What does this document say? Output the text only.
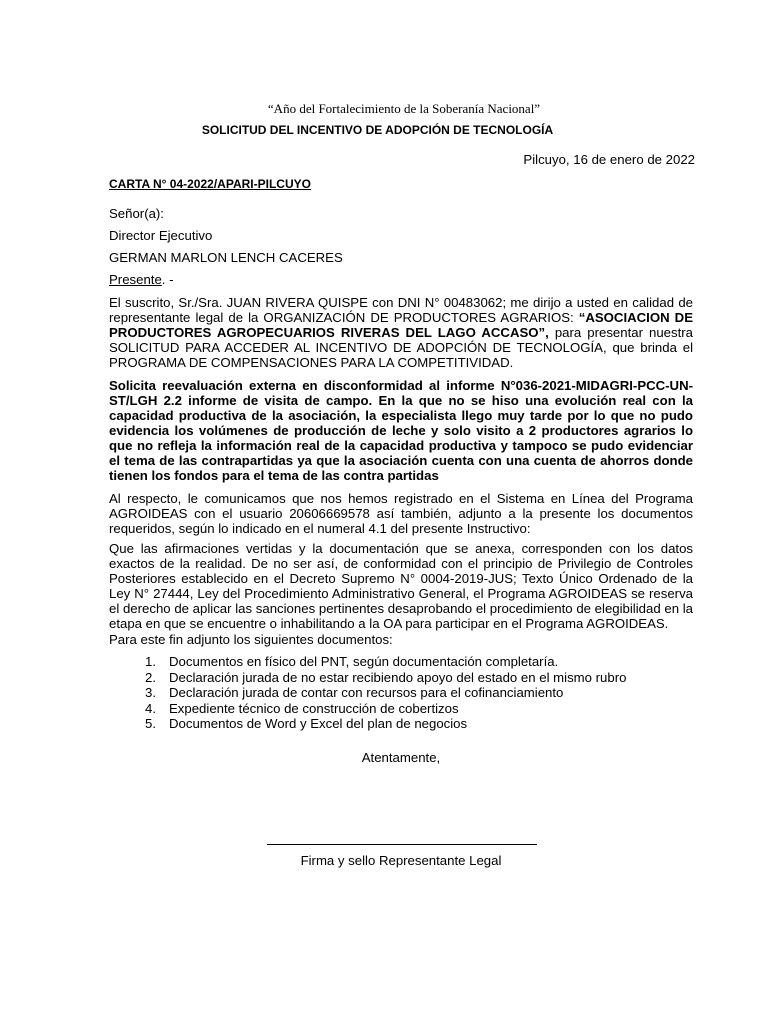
“Año del Fortalecimiento de la Soberanía Nacional”
SOLICITUD DEL INCENTIVO DE ADOPCIÓN DE TECNOLOGÍA
Pilcuyo, 16 de enero de 2022
CARTA N° 04-2022/APARI-PILCUYO
Señor(a):
Director Ejecutivo
GERMAN MARLON LENCH CACERES
Presente. -
El suscrito, Sr./Sra. JUAN RIVERA QUISPE con DNI N° 00483062; me dirijo a usted en calidad de representante legal de la ORGANIZACIÓN DE PRODUCTORES AGRARIOS: “ASOCIACION DE PRODUCTORES AGROPECUARIOS RIVERAS DEL LAGO ACCASO”, para presentar nuestra SOLICITUD PARA ACCEDER AL INCENTIVO DE ADOPCIÓN DE TECNOLOGÍA, que brinda el PROGRAMA DE COMPENSACIONES PARA LA COMPETITIVIDAD.
Solicita reevaluación externa en disconformidad al informe N°036-2021-MIDAGRI-PCC-UN-ST/LGH 2.2 informe de visita de campo. En la que no se hiso una evolución real con la capacidad productiva de la asociación, la especialista llego muy tarde por lo que no pudo evidencia los volúmenes de producción de leche y solo visito a 2 productores agrarios lo que no refleja la información real de la capacidad productiva y tampoco se pudo evidenciar el tema de las contrapartidas ya que la asociación cuenta con una cuenta de ahorros donde tienen los fondos para el tema de las contra partidas
Al respecto, le comunicamos que nos hemos registrado en el Sistema en Línea del Programa AGROIDEAS con el usuario 20606669578 así también, adjunto a la presente los documentos requeridos, según lo indicado en el numeral 4.1 del presente Instructivo:
Que las afirmaciones vertidas y la documentación que se anexa, corresponden con los datos exactos de la realidad. De no ser así, de conformidad con el principio de Privilegio de Controles Posteriores establecido en el Decreto Supremo N° 0004-2019-JUS; Texto Único Ordenado de la Ley N° 27444, Ley del Procedimiento Administrativo General, el Programa AGROIDEAS se reserva el derecho de aplicar las sanciones pertinentes desaprobando el procedimiento de elegibilidad en la etapa en que se encuentre o inhabilitando a la OA para participar en el Programa AGROIDEAS.
Para este fin adjunto los siguientes documentos:
1. Documentos en físico del PNT, según documentación completaría.
2. Declaración jurada de no estar recibiendo apoyo del estado en el mismo rubro
3. Declaración jurada de contar con recursos para el cofinanciamiento
4. Expediente técnico de construcción de cobertizos
5. Documentos de Word y Excel del plan de negocios
Atentamente,
Firma y sello Representante Legal
